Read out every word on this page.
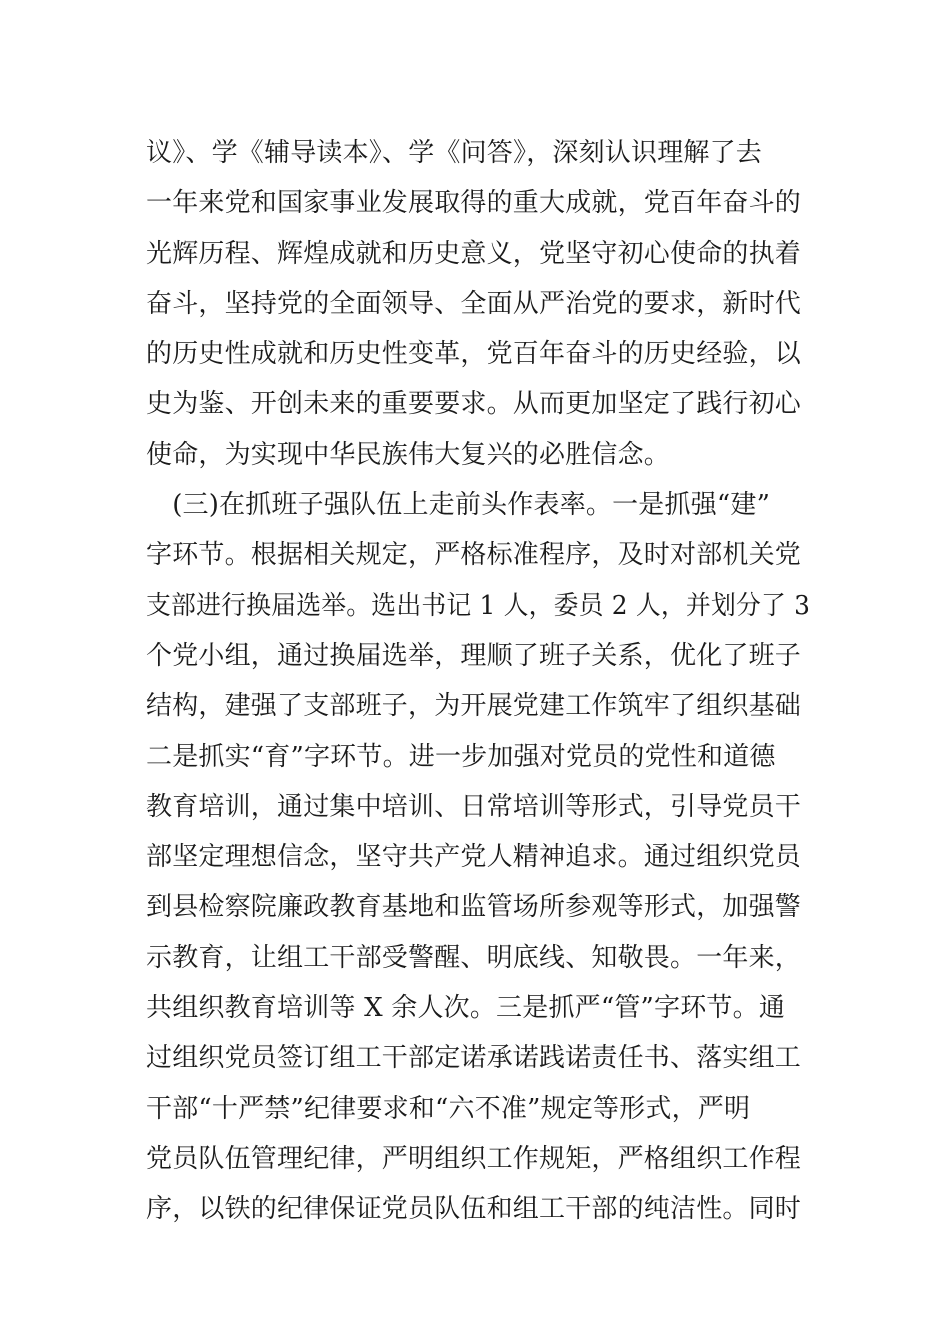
议》、学《辅导读本》、学《问答》，深刻认识理解了去
一年来党和国家事业发展取得的重大成就，党百年奋斗的
光辉历程、辉煌成就和历史意义，党坚守初心使命的执着
奋斗，坚持党的全面领导、全面从严治党的要求，新时代
的历史性成就和历史性变革，党百年奋斗的历史经验，以
史为鉴、开创未来的重要要求。从而更加坚定了践行初心
使命，为实现中华民族伟大复兴的必胜信念。
　(三)在抓班子强队伍上走前头作表率。一是抓强“建”
字环节。根据相关规定，严格标准程序，及时对部机关党
支部进行换届选举。选出书记 1 人，委员 2 人，并划分了 3
个党小组，通过换届选举，理顺了班子关系，优化了班子
结构，建强了支部班子，为开展党建工作筑牢了组织基础
二是抓实“育”字环节。进一步加强对党员的党性和道德
教育培训，通过集中培训、日常培训等形式，引导党员干
部坚定理想信念，坚守共产党人精神追求。通过组织党员
到县检察院廉政教育基地和监管场所参观等形式，加强警
示教育，让组工干部受警醒、明底线、知敬畏。一年来，
共组织教育培训等 X 余人次。三是抓严“管”字环节。通
过组织党员签订组工干部定诺承诺践诺责任书、落实组工
干部“十严禁”纪律要求和“六不准”规定等形式，严明
党员队伍管理纪律，严明组织工作规矩，严格组织工作程
序，以铁的纪律保证党员队伍和组工干部的纯洁性。同时
